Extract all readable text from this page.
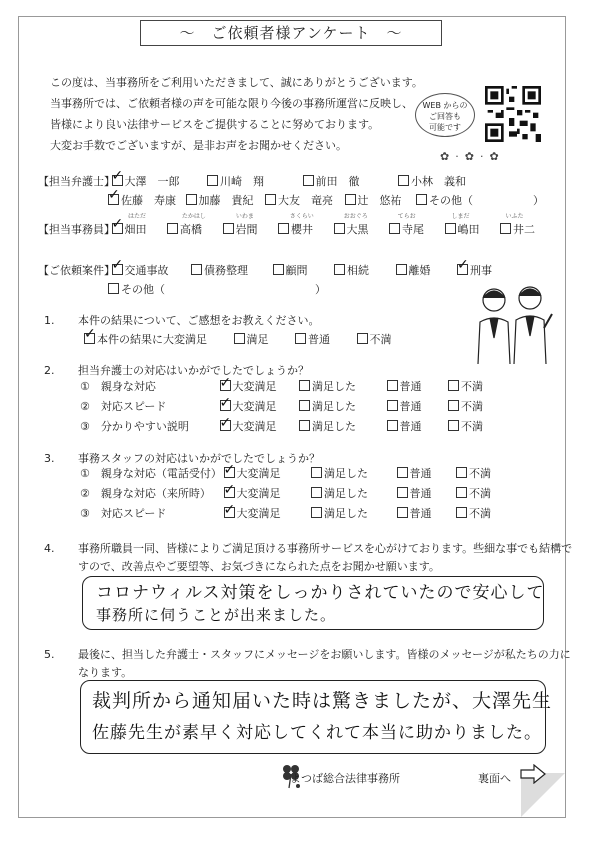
～　ご依頼者様アンケート　～
この度は、当事務所をご利用いただきまして、誠にありがとうございます。
当事務所では、ご依頼者様の声を可能な限り今後の事務所運営に反映し、
皆様により良い法律サービスをご提供することに努めております。
大変お手数でございますが、是非お声をお聞かせください。
WEB からの
ご回答も
可能です
✿·✿·✿
【担当弁護士】 ✓ 大澤　一郎	川崎　翔	前田　徹	小林　義和
✓佐藤　寿康 加藤　貴紀 大友　竜亮 辻　悠祐	その他（	）
【担当事務員】 ✓ 畑田	高橋	岩間	櫻井	大黒	寺尾	嶋田	井二
はただ	たかはし	いわま	さくらい	おおぐろ	てらお	しまだ	いふた
【ご依頼案件】 ✓ 交通事故	債務整理	顧問	相続	離婚 ✓	刑事
その他（	）
1. 本件の結果について、ご感想をお教えください。
✓本件の結果に大変満足	満足	普通	不満
2. 担当弁護士の対応はいかがでしたでしょうか？
①　親身な対応 ✓	大変満足	満足した	普通	不満
②　対応スピード ✓	大変満足	満足した	普通	不満
③　分かりやすい説明 ✓	大変満足	満足した	普通	不満
3. 事務スタッフの対応はいかがでしたでしょうか？
①　親身な対応（電話受付） ✓ 大変満足	満足した	普通	不満
②　親身な対応（来所時） ✓ 大変満足	満足した	普通	不満
③　対応スピード ✓	大変満足	満足した	普通	不満
4. 事務所職員一同、皆様によりご満足頂ける事務所サービスを心がけております。些細な事でも結構で
すので、改善点やご要望等、お気づきになられた点をお聞かせ願います。
コロナウィルス対策をしっかりされていたので安心して
事務所に伺うことが出来ました。
5. 最後に、担当した弁護士・スタッフにメッセージをお願いします。皆様のメッセージが私たちの力に
なります。
裁判所から通知届いた時は驚きましたが、大澤先生
佐藤先生が素早く対応してくれて本当に助かりました。
よつば総合法律事務所	裏面へ
